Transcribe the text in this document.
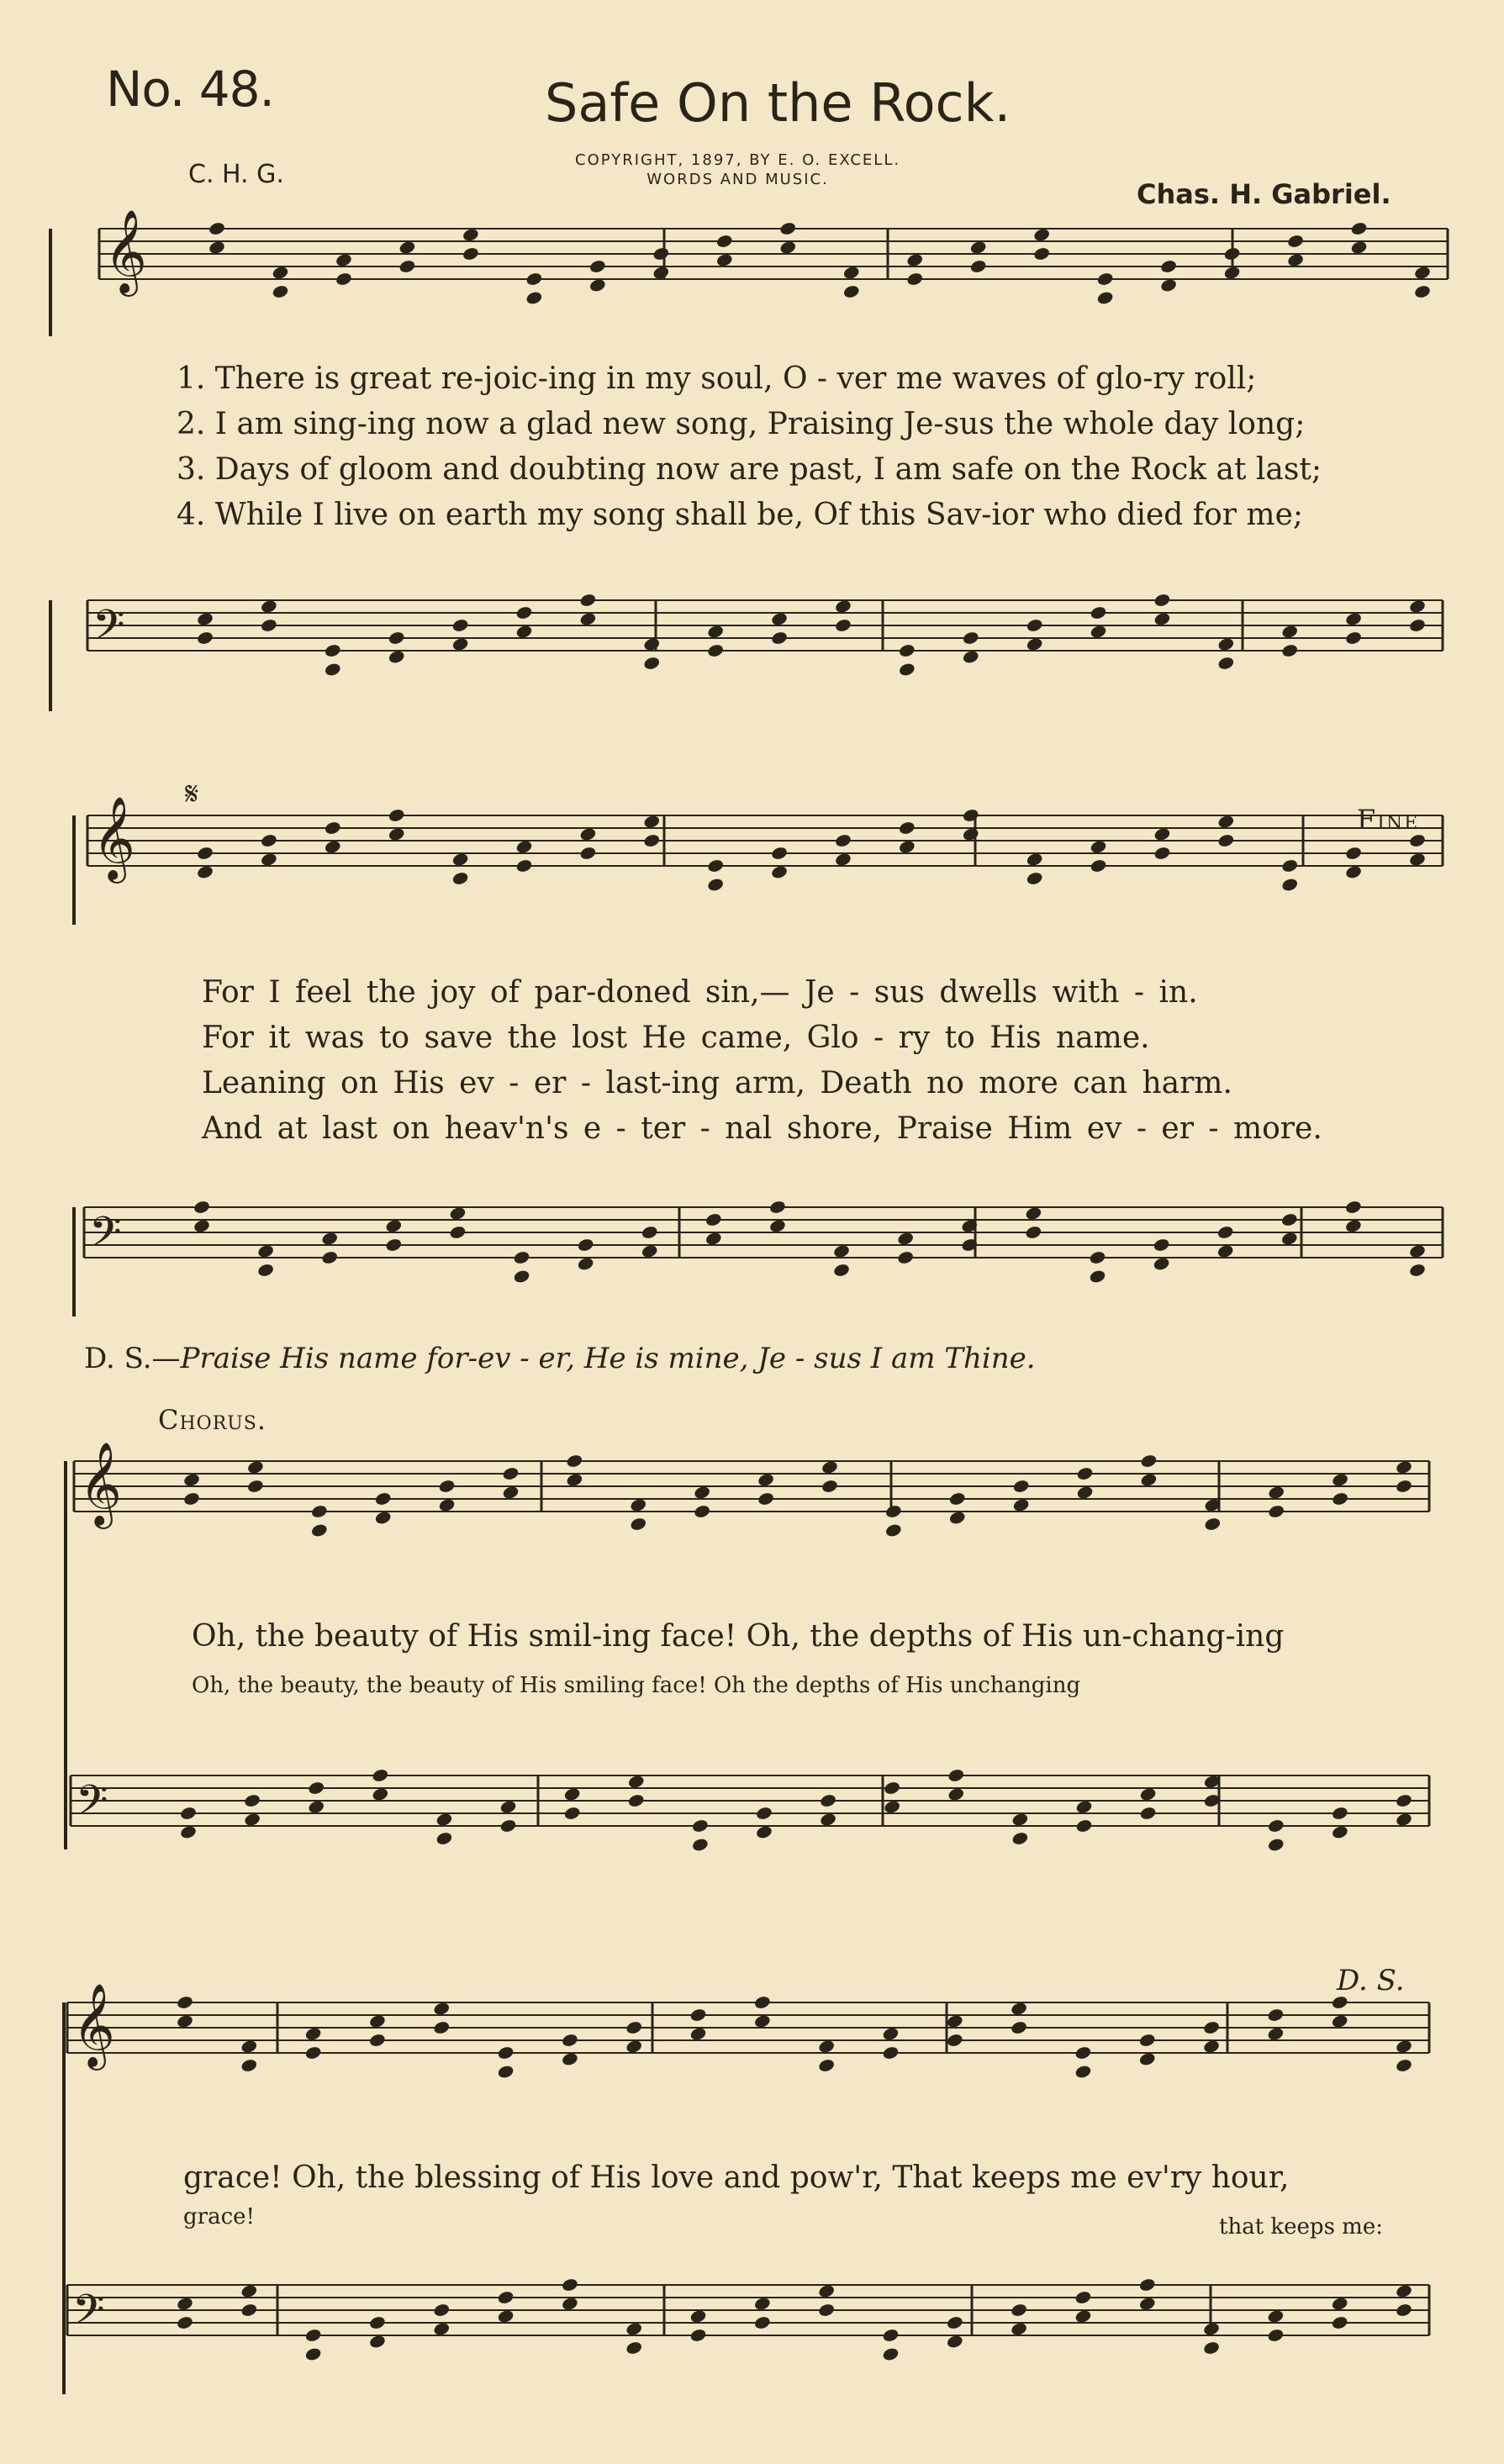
No. 48.	Safe On the Rock.
C. H. G.	COPYRIGHT, 1897, BY E. O. EXCELL.
WORDS AND MUSIC.	Chas. H. Gabriel.
𝄞
𝄢
𝄞
𝄢
𝄞
𝄢
𝄞
𝄢
1. There is great re-joic-ing in my soul, O - ver me waves of glo-ry roll;
2. I am sing-ing now a glad new song, Praising Je-sus the whole day long;
3. Days of gloom and doubting now are past, I am safe on the Rock at last;
4. While I live on earth my song shall be, Of this Sav-ior who died for me;
𝄋
Fine
For I feel the joy of par-doned sin,— Je - sus dwells with - in.
For it was to save the lost He came, Glo - ry to His name.
Leaning on His ev - er - last-ing arm, Death no more can harm.
And at last on heav'n's e - ter - nal shore, Praise Him ev - er - more.
D. S.—Praise His name for-ev - er, He is mine, Je - sus I am Thine.
Chorus.
Oh, the beauty of His smil-ing face! Oh, the depths of His un-chang-ing
Oh, the beauty, the beauty of His smiling face! Oh the depths of His unchanging
D. S.
grace! Oh, the blessing of His love and pow'r, That keeps me ev'ry hour,
grace!	that keeps me:
